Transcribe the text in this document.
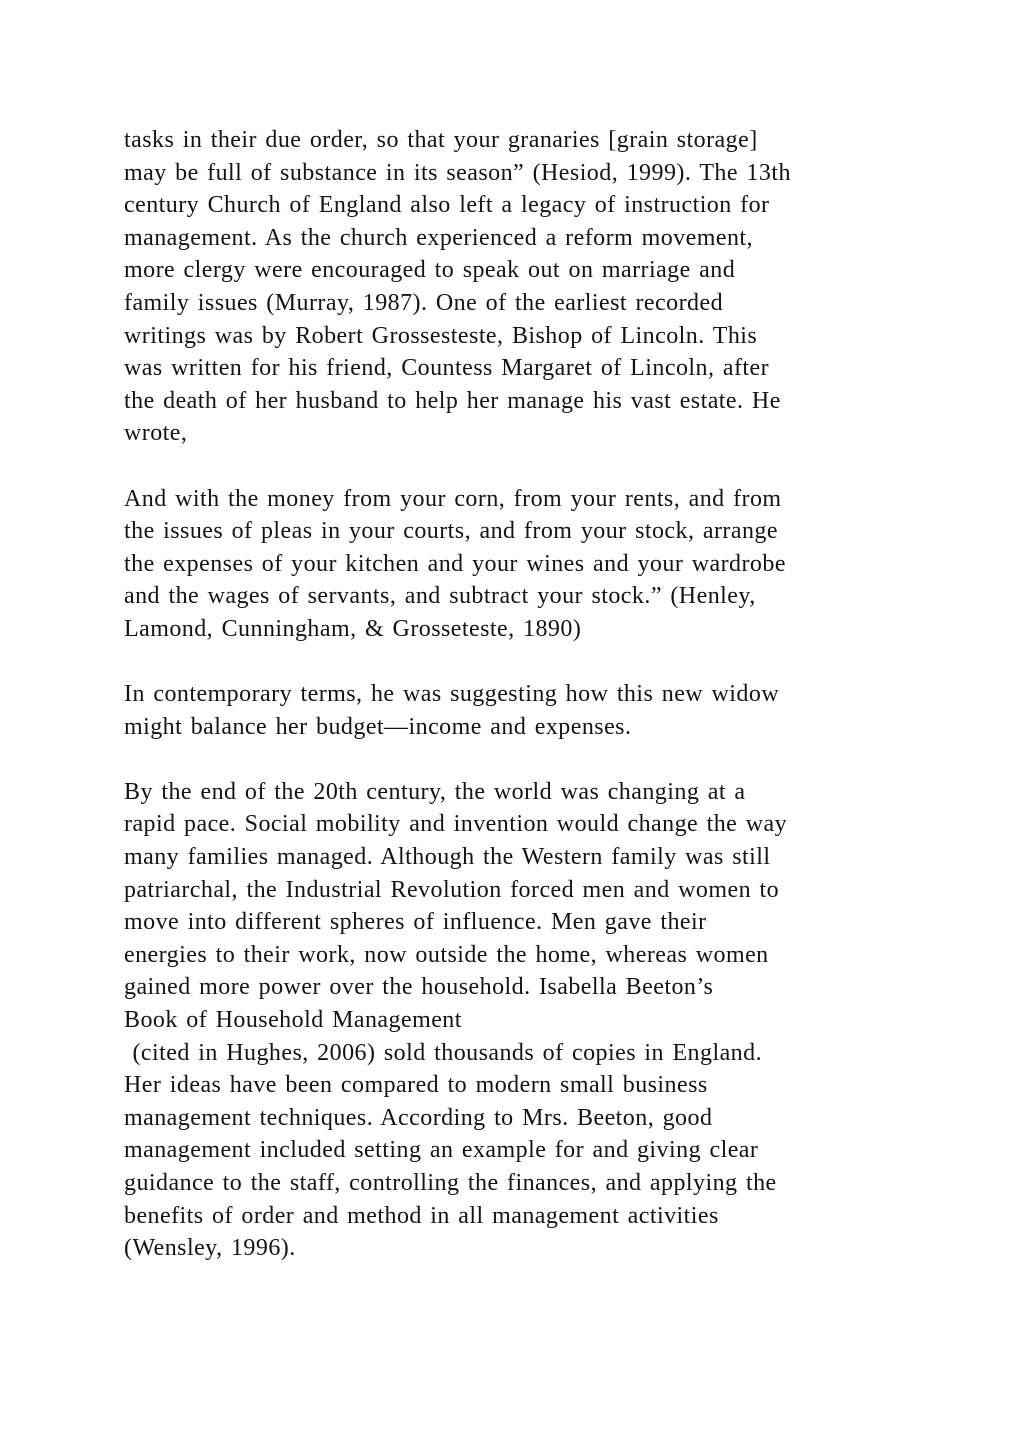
tasks in their due order, so that your granaries [grain storage]
may be full of substance in its season” (Hesiod, 1999). The 13th
century Church of England also left a legacy of instruction for
management. As the church experienced a reform movement,
more clergy were encouraged to speak out on marriage and
family issues (Murray, 1987). One of the earliest recorded
writings was by Robert Grossesteste, Bishop of Lincoln. This
was written for his friend, Countess Margaret of Lincoln, after
the death of her husband to help her manage his vast estate. He
wrote,
And with the money from your corn, from your rents, and from
the issues of pleas in your courts, and from your stock, arrange
the expenses of your kitchen and your wines and your wardrobe
and the wages of servants, and subtract your stock.” (Henley,
Lamond, Cunningham, & Grosseteste, 1890)
In contemporary terms, he was suggesting how this new widow
might balance her budget—income and expenses.
By the end of the 20th century, the world was changing at a
rapid pace. Social mobility and invention would change the way
many families managed. Although the Western family was still
patriarchal, the Industrial Revolution forced men and women to
move into different spheres of influence. Men gave their
energies to their work, now outside the home, whereas women
gained more power over the household. Isabella Beeton’s
Book of Household Management
(cited in Hughes, 2006) sold thousands of copies in England.
Her ideas have been compared to modern small business
management techniques. According to Mrs. Beeton, good
management included setting an example for and giving clear
guidance to the staff, controlling the finances, and applying the
benefits of order and method in all management activities
(Wensley, 1996).
